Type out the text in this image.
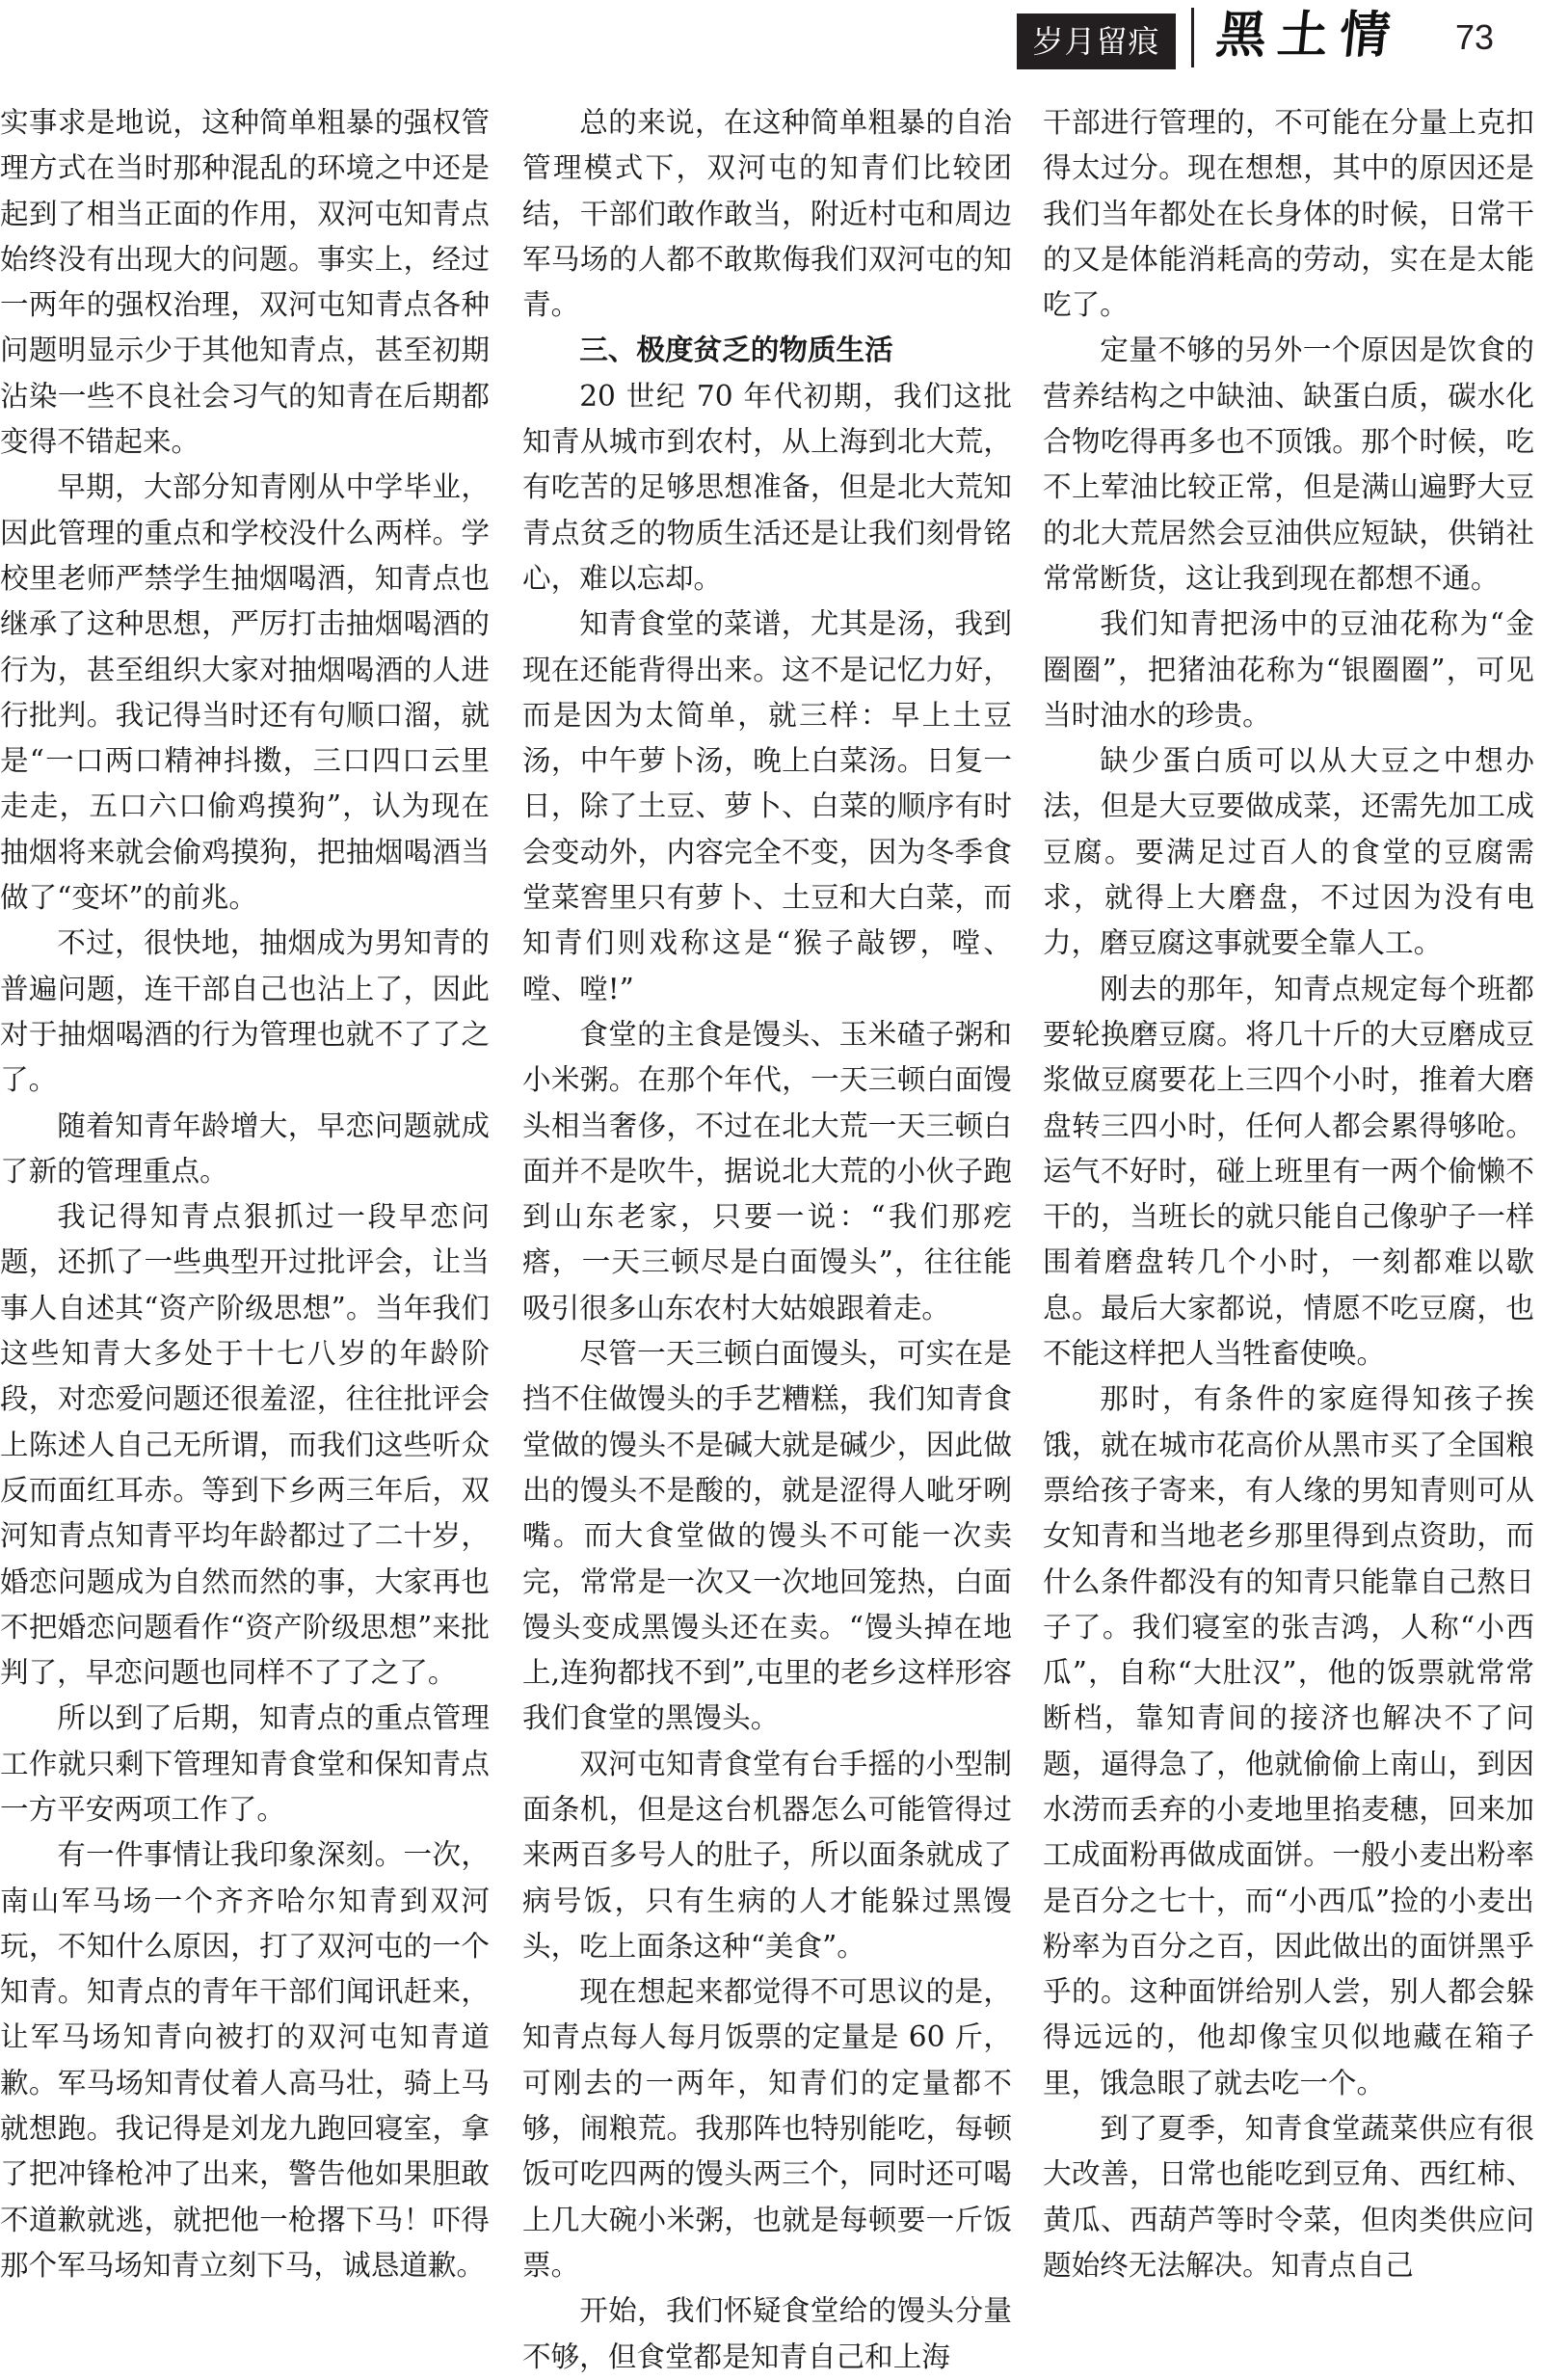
岁月留痕	黑土情 73

实事求是地说，这种简单粗暴的强权管理方式在当时那种混乱的环境之中还是起到了相当正面的作用，双河屯知青点始终没有出现大的问题。事实上，经过一两年的强权治理，双河屯知青点各种问题明显示少于其他知青点，甚至初期沾染一些不良社会习气的知青在后期都变得不错起来。

早期，大部分知青刚从中学毕业，因此管理的重点和学校没什么两样。学校里老师严禁学生抽烟喝酒，知青点也继承了这种思想，严厉打击抽烟喝酒的行为，甚至组织大家对抽烟喝酒的人进行批判。我记得当时还有句顺口溜，就是“一口两口精神抖擞，三口四口云里走走，五口六口偷鸡摸狗”，认为现在抽烟将来就会偷鸡摸狗，把抽烟喝酒当做了“变坏”的前兆。

不过，很快地，抽烟成为男知青的普遍问题，连干部自己也沾上了，因此对于抽烟喝酒的行为管理也就不了了之了。

随着知青年龄增大，早恋问题就成了新的管理重点。

我记得知青点狠抓过一段早恋问题，还抓了一些典型开过批评会，让当事人自述其“资产阶级思想”。当年我们这些知青大多处于十七八岁的年龄阶段，对恋爱问题还很羞涩，往往批评会上陈述人自己无所谓，而我们这些听众反而面红耳赤。等到下乡两三年后，双河知青点知青平均年龄都过了二十岁，婚恋问题成为自然而然的事，大家再也不把婚恋问题看作“资产阶级思想”来批判了，早恋问题也同样不了了之了。

所以到了后期，知青点的重点管理工作就只剩下管理知青食堂和保知青点一方平安两项工作了。

有一件事情让我印象深刻。一次，南山军马场一个齐齐哈尔知青到双河玩，不知什么原因，打了双河屯的一个知青。知青点的青年干部们闻讯赶来，让军马场知青向被打的双河屯知青道歉。军马场知青仗着人高马壮，骑上马就想跑。我记得是刘龙九跑回寝室，拿了把冲锋枪冲了出来，警告他如果胆敢不道歉就逃，就把他一枪撂下马！吓得那个军马场知青立刻下马，诚恳道歉。

总的来说，在这种简单粗暴的自治管理模式下，双河屯的知青们比较团结，干部们敢作敢当，附近村屯和周边军马场的人都不敢欺侮我们双河屯的知青。

三、极度贫乏的物质生活

20 世纪 70 年代初期，我们这批知青从城市到农村，从上海到北大荒，有吃苦的足够思想准备，但是北大荒知青点贫乏的物质生活还是让我们刻骨铭心，难以忘却。

知青食堂的菜谱，尤其是汤，我到现在还能背得出来。这不是记忆力好，而是因为太简单，就三样：早上土豆汤，中午萝卜汤，晚上白菜汤。日复一日，除了土豆、萝卜、白菜的顺序有时会变动外，内容完全不变，因为冬季食堂菜窖里只有萝卜、土豆和大白菜，而知青们则戏称这是“猴子敲锣，嘡、嘡、嘡!”

食堂的主食是馒头、玉米碴子粥和小米粥。在那个年代，一天三顿白面馒头相当奢侈，不过在北大荒一天三顿白面并不是吹牛，据说北大荒的小伙子跑到山东老家，只要一说：“我们那疙瘩，一天三顿尽是白面馒头”，往往能吸引很多山东农村大姑娘跟着走。

尽管一天三顿白面馒头，可实在是挡不住做馒头的手艺糟糕，我们知青食堂做的馒头不是碱大就是碱少，因此做出的馒头不是酸的，就是涩得人呲牙咧嘴。而大食堂做的馒头不可能一次卖完，常常是一次又一次地回笼热，白面馒头变成黑馒头还在卖。“馒头掉在地上,连狗都找不到”,屯里的老乡这样形容我们食堂的黑馒头。

双河屯知青食堂有台手摇的小型制面条机，但是这台机器怎么可能管得过来两百多号人的肚子，所以面条就成了病号饭，只有生病的人才能躲过黑馒头，吃上面条这种“美食”。

现在想起来都觉得不可思议的是，知青点每人每月饭票的定量是 60 斤，可刚去的一两年，知青们的定量都不够，闹粮荒。我那阵也特别能吃，每顿饭可吃四两的馒头两三个，同时还可喝上几大碗小米粥，也就是每顿要一斤饭票。

开始，我们怀疑食堂给的馒头分量不够，但食堂都是知青自己和上海

干部进行管理的，不可能在分量上克扣得太过分。现在想想，其中的原因还是我们当年都处在长身体的时候，日常干的又是体能消耗高的劳动，实在是太能吃了。

定量不够的另外一个原因是饮食的营养结构之中缺油、缺蛋白质，碳水化合物吃得再多也不顶饿。那个时候，吃不上荤油比较正常，但是满山遍野大豆的北大荒居然会豆油供应短缺，供销社常常断货，这让我到现在都想不通。

我们知青把汤中的豆油花称为“金圈圈”，把猪油花称为“银圈圈”，可见当时油水的珍贵。

缺少蛋白质可以从大豆之中想办法，但是大豆要做成菜，还需先加工成豆腐。要满足过百人的食堂的豆腐需求，就得上大磨盘，不过因为没有电力，磨豆腐这事就要全靠人工。

刚去的那年，知青点规定每个班都要轮换磨豆腐。将几十斤的大豆磨成豆浆做豆腐要花上三四个小时，推着大磨盘转三四小时，任何人都会累得够呛。运气不好时，碰上班里有一两个偷懒不干的，当班长的就只能自己像驴子一样围着磨盘转几个小时，一刻都难以歇息。最后大家都说，情愿不吃豆腐，也不能这样把人当牲畜使唤。

那时，有条件的家庭得知孩子挨饿，就在城市花高价从黑市买了全国粮票给孩子寄来，有人缘的男知青则可从女知青和当地老乡那里得到点资助，而什么条件都没有的知青只能靠自己熬日子了。我们寝室的张吉鸿，人称“小西瓜”，自称“大肚汉”，他的饭票就常常断档，靠知青间的接济也解决不了问题，逼得急了，他就偷偷上南山，到因水涝而丢弃的小麦地里掐麦穗，回来加工成面粉再做成面饼。一般小麦出粉率是百分之七十，而“小西瓜”捡的小麦出粉率为百分之百，因此做出的面饼黑乎乎的。这种面饼给别人尝，别人都会躲得远远的，他却像宝贝似地藏在箱子里，饿急眼了就去吃一个。

到了夏季，知青食堂蔬菜供应有很大改善，日常也能吃到豆角、西红柿、黄瓜、西葫芦等时令菜，但肉类供应问题始终无法解决。知青点自己
